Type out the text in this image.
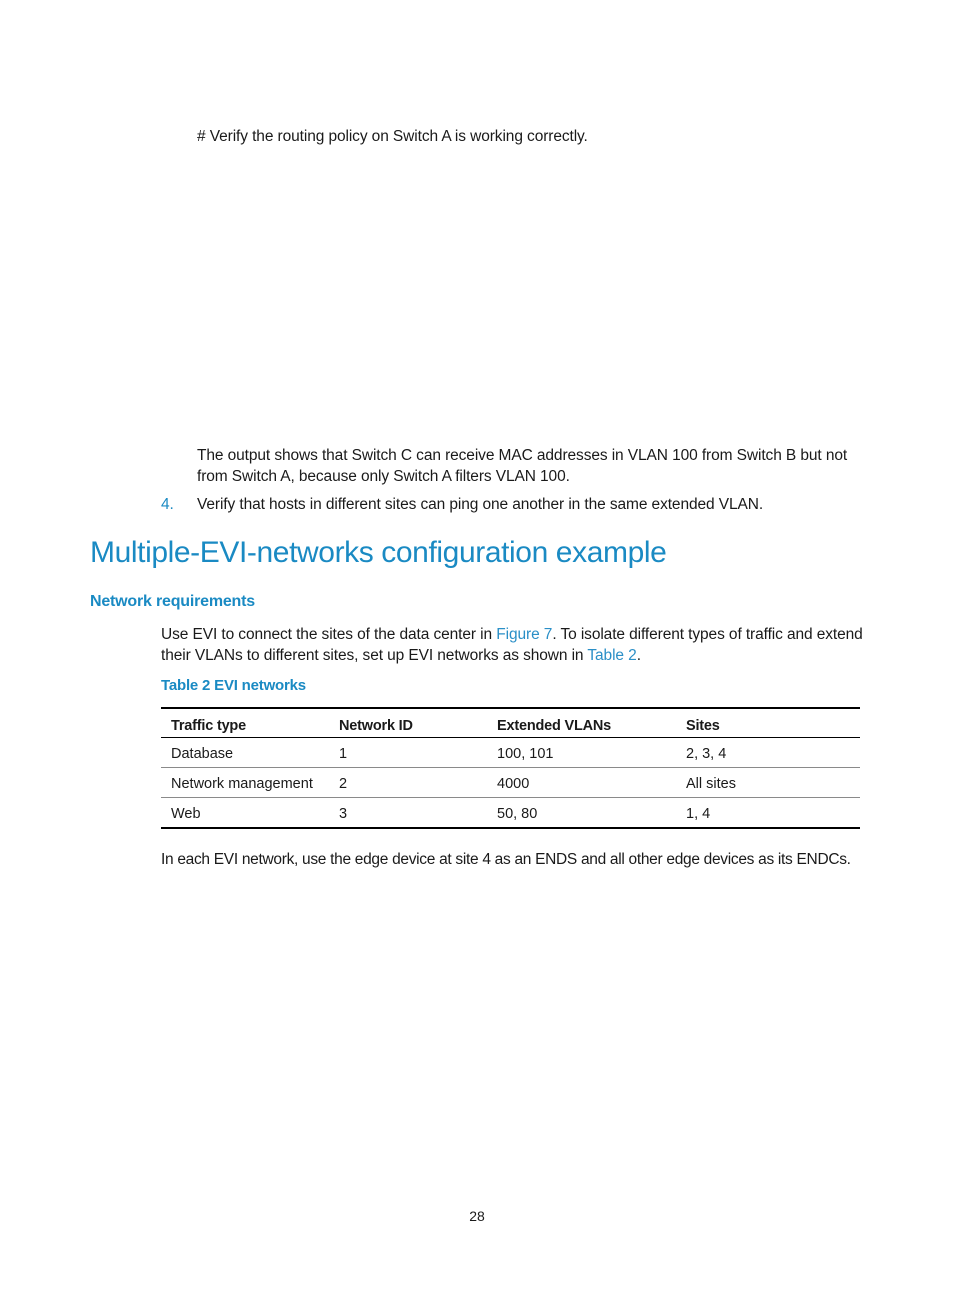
# Verify the routing policy on Switch A is working correctly.
The output shows that Switch C can receive MAC addresses in VLAN 100 from Switch B but not
from Switch A, because only Switch A filters VLAN 100.
4. Verify that hosts in different sites can ping one another in the same extended VLAN.
Multiple-EVI-networks configuration example
Network requirements
Use EVI to connect the sites of the data center in Figure 7. To isolate different types of traffic and extend
their VLANs to different sites, set up EVI networks as shown in Table 2.
Table 2 EVI networks
Traffic type	Network ID	Extended VLANs	Sites
Database	1	100, 101	2, 3, 4
Network management	2	4000	All sites
Web	3	50, 80	1, 4
In each EVI network, use the edge device at site 4 as an ENDS and all other edge devices as its ENDCs.
28
